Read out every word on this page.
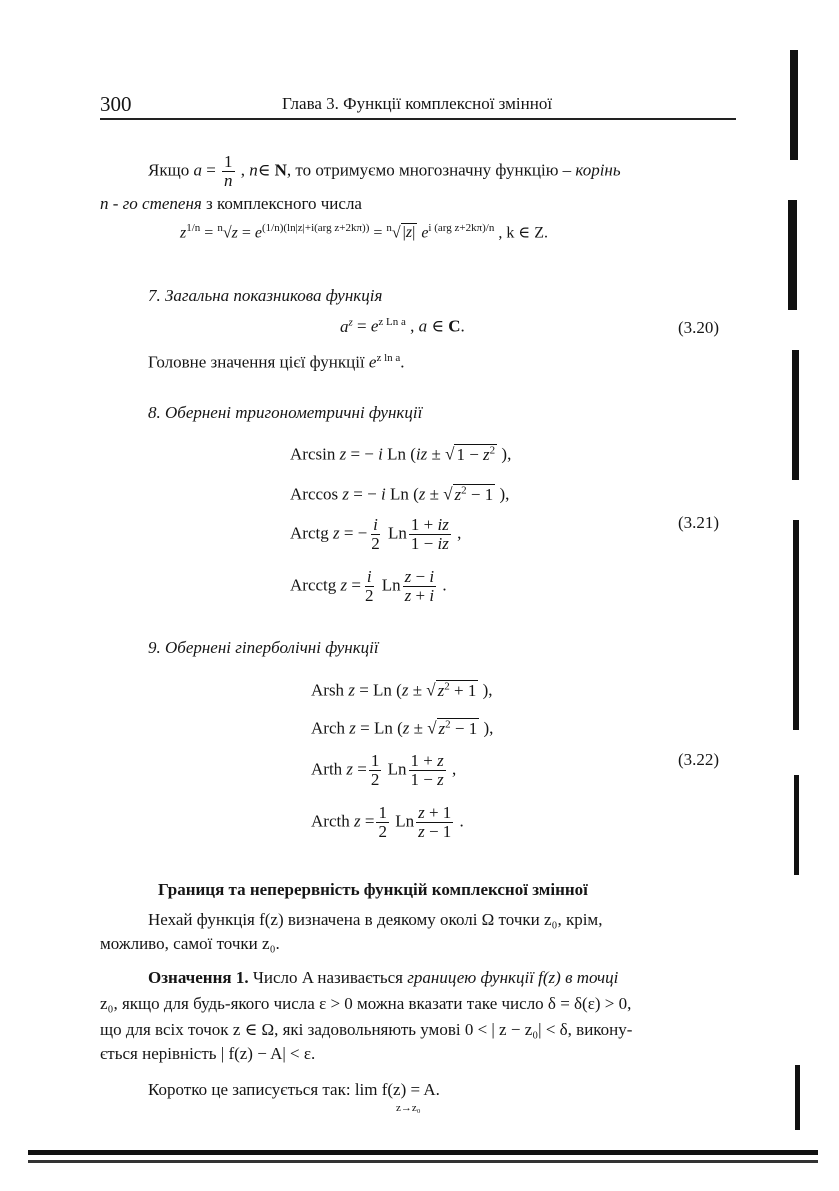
300	Глава 3. Функції комплексної змінної
Якщо $a = \frac{1}{n}$ , n∈ N, то отримуємо многозначну функцію – корінь
n - го степеня з комплексного числа
$z^{1/n} = ^n√z = e^{(1/n)(ln|z|+i(arg z+2k\pi))} = ^n√$ |z| $e^{i (arg z+2k\pi)/n}$ , k ∈ Z.
7. Загальна показникова функція
$a^z = e^{z Ln a}$ , a ∈ C.	(3.20)
Головне значення цієї функції $e^{z ln a}$.
8. Обернені тригонометричні функції
Arcsin z = − i Ln (iz ± √ $1 - z^2$ ),
Arccos z = − i Ln (z ± √ $z^2 - 1$ ),
Arctg z = − $\frac{i}{2}$ Ln $\frac{1 + iz}{1 - iz}$ ,
(3.21)
Arcctg $z = \frac{i}{2}$ Ln $\frac{z - i}{z + i}$ .
9. Обернені гіперболічні функції
Arsh z = Ln (z ± √ $z^2 + 1$ ),
Arch z = Ln (z ± √ $z^2 - 1$ ),
Arth $z = \frac{1}{2}$ Ln $\frac{1 + z}{1 - z}$ ,	(3.22)
Arcth $z = \frac{1}{2}$ Ln $\frac{z + 1}{z - 1}$ .
Границя та неперервність функцій комплексної змінної
Нехай функція f(z) визначена в деякому околі Ω точки z₀, крім,
можливо, самої точки z₀.
Означення 1. Число A називається границею функції f(z) в точці
z₀, якщо для будь-якого числа ε > 0 можна вказати таке число δ = δ(ε) > 0,
що для всіх точок z ∈ Ω, які задовольняють умові 0 < | z − z₀| < δ, викону-
ється нерівність | f(z) − A| < ε.
Коротко це записується так: lim f(z) = A.
z→z₀
